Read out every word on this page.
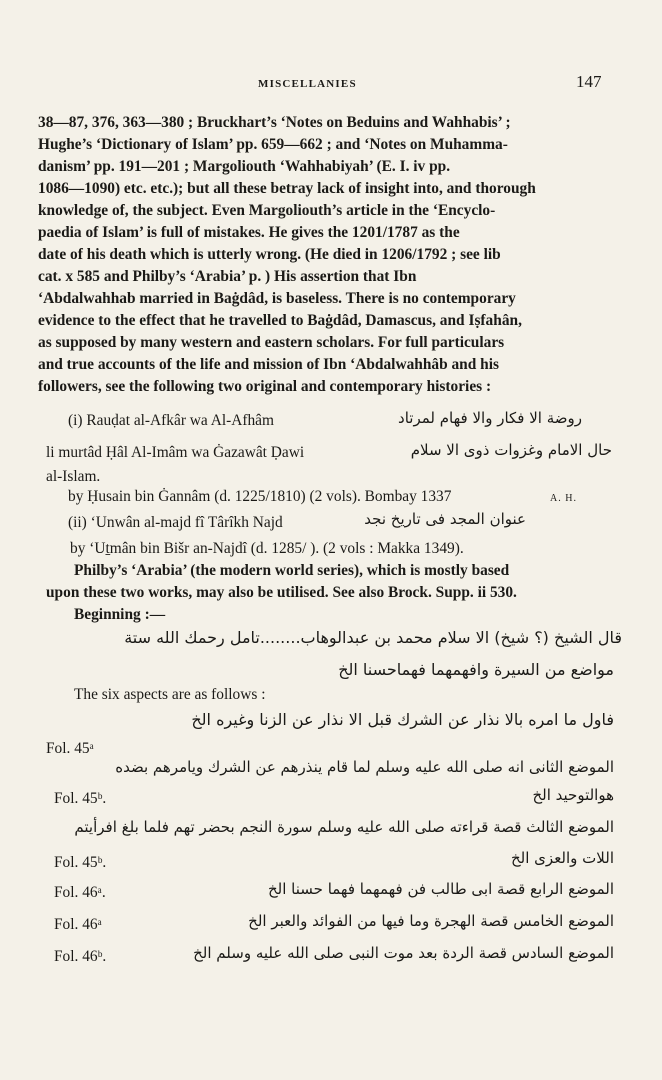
MISCELLANIES	147
38—87, 376, 363—380 ; Bruckhart’s ‘Notes on Beduins and Wahhabis’ ;
Hughe’s ‘Dictionary of Islam’ pp. 659—662 ; and ‘Notes on Muhamma-
danism’ pp. 191—201 ; Margoliouth ‘Wahhabiyah’ (E. I. iv pp.
1086—1090) etc. etc.); but all these betray lack of insight into, and thorough
knowledge of, the subject. Even Margoliouth’s article in the ‘Encyclo-
paedia of Islam’ is full of mistakes. He gives the 1201/1787 as the
date of his death which is utterly wrong. (He died in 1206/1792 ; see lib
cat. x 585 and Philby’s ‘Arabia’ p. ) His assertion that Ibn
‘Abdalwahhab married in Baġdâd, is baseless. There is no contemporary
evidence to the effect that he travelled to Baġdâd, Damascus, and Iṣfahân,
as supposed by many western and eastern scholars. For full particulars
and true accounts of the life and mission of Ibn ‘Abdalwahhâb and his
followers, see the following two original and contemporary histories :
(i) Rauḍat al-Afkâr wa Al-Afhâm	روضة الا فكار والا فهام لمرتاد
li murtâd Ḥâl Al-Imâm wa Ġazawât Ḍawi	حال الامام وغزوات ذوى الا سلام
al-Islam.
by Ḥusain bin Ġannâm (d. 1225/1810) (2 vols). Bombay 1337	A. H.
(ii) ‘Unwân al-majd fî Târîkh Najd	عنوان المجد فى تاريخ نجد
by ‘Uṯmân bin Bišr an-Najdî (d. 1285/ ). (2 vols : Makka 1349).
Philby’s ‘Arabia’ (the modern world series), which is mostly based
upon these two works, may also be utilised. See also Brock. Supp. ii 530.
Beginning :—
قال الشيخ (؟ شيخ) الا سلام محمد بن عبدالوهاب........تامل رحمك الله ستة
مواضع من السيرة وافهمهما فهماحسنا الخ
The six aspects are as follows :
فاول ما امره بالا نذار عن الشرك قبل الا نذار عن الزنا وغيره الخ
Fol. 45ᵃ
الموضع الثانى انه صلى الله عليه وسلم لما قام ينذرهم عن الشرك ويامرهم بضده
Fol. 45ᵇ.	هوالتوحيد الخ
الموضع الثالث قصة قراءته صلى الله عليه وسلم سورة النجم بحضر تهم فلما بلغ افرأيتم
Fol. 45ᵇ.	اللات والعزى الخ
Fol. 46ᵃ.	الموضع الرابع قصة ابى طالب فن فهمهما فهما حسنا الخ
Fol. 46ᵃ	الموضع الخامس قصة الهجرة وما فيها من الفوائد والعبر الخ
Fol. 46ᵇ.	الموضع السادس قصة الردة بعد موت النبى صلى الله عليه وسلم الخ
